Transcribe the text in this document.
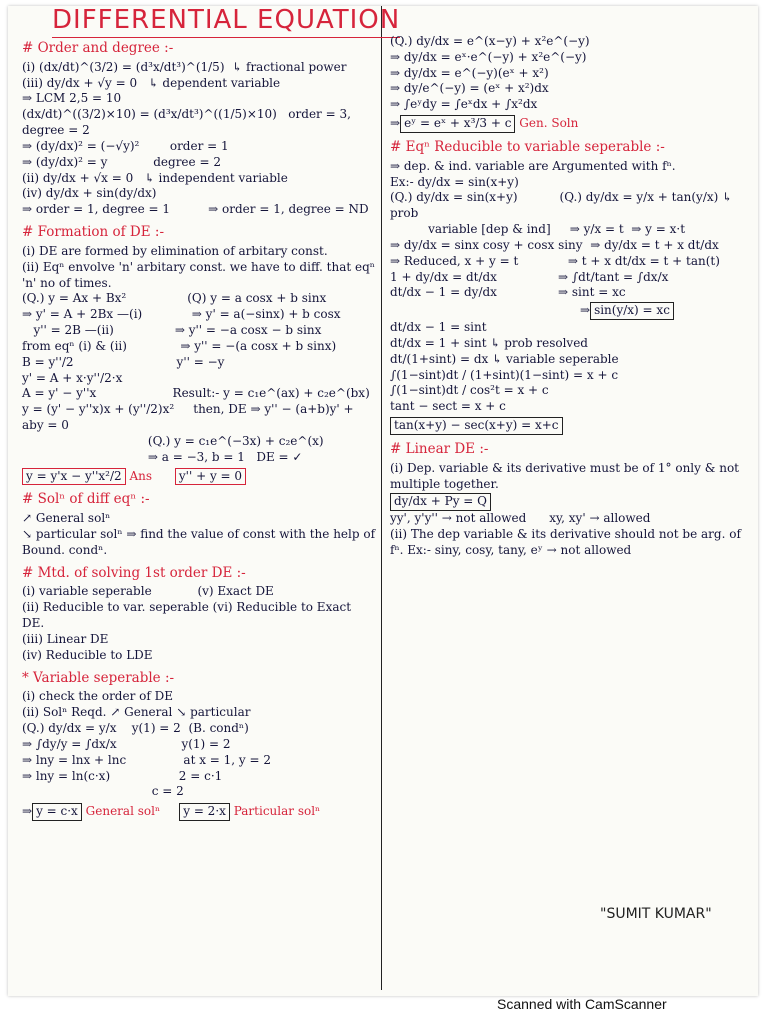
DIFFERENTIAL EQUATION
# Order and degree :-

(i) (dx/dt)^(3/2) = (d³x/dt³)^(1/5)  ↳ fractional power

(iii) dy/dx + √y = 0   ↳ dependent variable

⇒ LCM 2,5 = 10

(dx/dt)^((3/2)×10) = (d³x/dt³)^((1/5)×10)   order = 3, degree = 2

⇒ (dy/dx)² = (−√y)²        order = 1

⇒ (dy/dx)² = y            degree = 2

(ii) dy/dx + √x = 0   ↳ independent variable

(iv) dy/dx + sin(dy/dx)

⇒ order = 1, degree = 1          ⇒ order = 1, degree = ND

# Formation of DE :-

(i) DE are formed by elimination of arbitary const.

(ii) Eqⁿ envolve 'n' arbitary const. we have to diff. that eqⁿ 'n' no of times.

(Q.) y = Ax + Bx²                (Q) y = a cosx + b sinx

⇒ y' = A + 2Bx —(i)             ⇒ y' = a(−sinx) + b cosx

y'' = 2B —(ii)                ⇒ y'' = −a cosx − b sinx

from eqⁿ (i) & (ii)              ⇒ y'' = −(a cosx + b sinx)

B = y''/2                           y'' = −y

y' = A + x·y''/2·x

A = y' − y''x                    Result:- y = c₁e^(ax) + c₂e^(bx)

y = (y' − y''x)x + (y''/2)x²     then, DE ⇒ y'' − (a+b)y' + aby = 0

(Q.) y = c₁e^(−3x) + c₂e^(x)

⇒ a = −3, b = 1   DE = ✓

y = y'x − y''x²/2 Ans y'' + y = 0
# Solⁿ of diff eqⁿ :-

↗ General solⁿ

↘ particular solⁿ ⇒ find the value of const with the help of Bound. condⁿ.

# Mtd. of solving 1st order DE :-

(i) variable seperable            (v) Exact DE

(ii) Reducible to var. seperable (vi) Reducible to Exact DE.

(iii) Linear DE

(iv) Reducible to LDE

* Variable seperable :-

(i) check the order of DE

(ii) Solⁿ Reqd. ↗ General ↘ particular

(Q.) dy/dx = y/x    y(1) = 2  (B. condⁿ)

⇒ ∫dy/y = ∫dx/x                 y(1) = 2

⇒ lny = lnx + lnc               at x = 1, y = 2

⇒ lny = ln(c·x)                  2 = c·1

c = 2

⇒ y = c·x General solⁿ y = 2·x Particular solⁿ

(Q.) dy/dx = e^(x−y) + x²e^(−y)

⇒ dy/dx = eˣ·e^(−y) + x²e^(−y)

⇒ dy/dx = e^(−y)(eˣ + x²)

⇒ dy/e^(−y) = (eˣ + x²)dx

⇒ ∫eʸdy = ∫eˣdx + ∫x²dx

⇒ eʸ = eˣ + x³/3 + c Gen. Soln
# Eqⁿ Reducible to variable seperable :-

⇒ dep. & ind. variable are Argumented with fⁿ.

Ex:- dy/dx = sin(x+y)

(Q.) dy/dx = sin(x+y)           (Q.) dy/dx = y/x + tan(y/x) ↳ prob

variable [dep & ind]     ⇒ y/x = t  ⇒ y = x·t

⇒ dy/dx = sinx cosy + cosx siny  ⇒ dy/dx = t + x dt/dx

⇒ Reduced, x + y = t             ⇒ t + x dt/dx = t + tan(t)

1 + dy/dx = dt/dx                ⇒ ∫dt/tant = ∫dx/x

dt/dx − 1 = dy/dx                ⇒ sint = xc

⇒ sin(y/x) = xc

dt/dx − 1 = sint

dt/dx = 1 + sint ↳ prob resolved

dt/(1+sint) = dx ↳ variable seperable

∫(1−sint)dt / (1+sint)(1−sint) = x + c

∫(1−sint)dt / cos²t = x + c

tant − sect = x + c

tan(x+y) − sec(x+y) = x+c
# Linear DE :-

(i) Dep. variable & its derivative must be of 1° only & not multiple together.

dy/dx + Py = Q

yy', y'y'' → not allowed      xy, xy' → allowed

(ii) The dep variable & its derivative should not be arg. of fⁿ. Ex:- siny, cosy, tany, eʸ → not allowed

"SUMIT KUMAR"
Scanned with CamScanner
